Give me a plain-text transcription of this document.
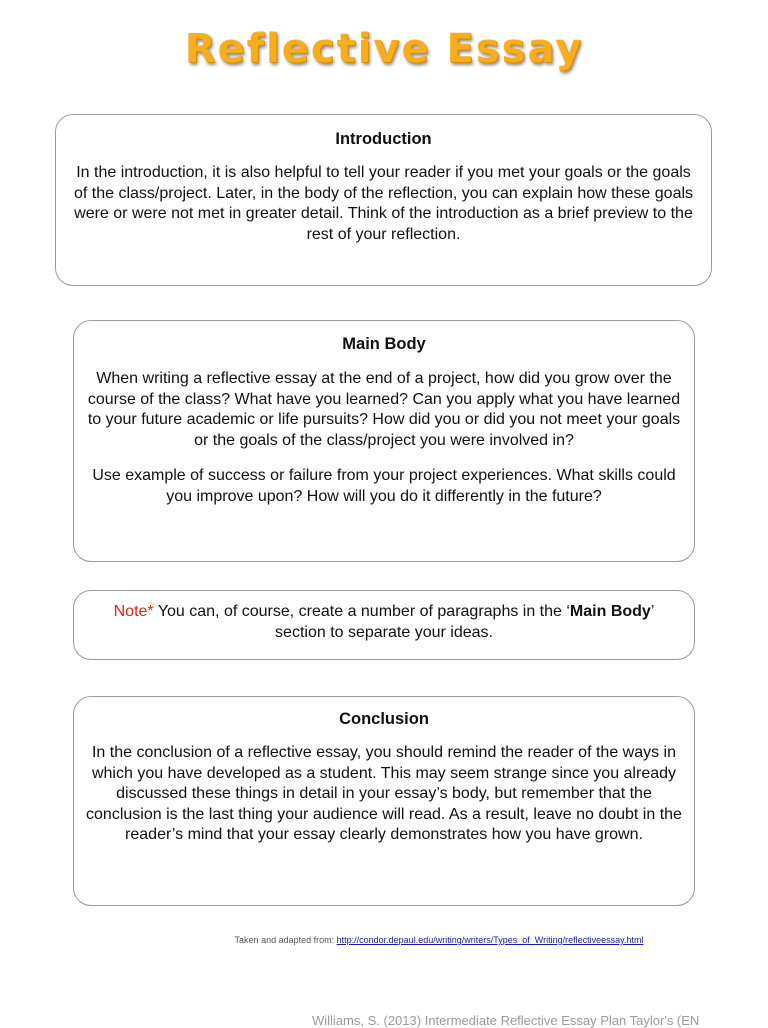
Reflective Essay
Introduction

In the introduction, it is also helpful to tell your reader if you met your goals or the goals of the class/project. Later, in the body of the reflection, you can explain how these goals were or were not met in greater detail. Think of the introduction as a brief preview to the rest of your reflection.

Main Body

When writing a reflective essay at the end of a project, how did you grow over the course of the class? What have you learned? Can you apply what you have learned to your future academic or life pursuits? How did you or did you not meet your goals or the goals of the class/project you were involved in?

Use example of success or failure from your project experiences. What skills could you improve upon? How will you do it differently in the future?

Note* You can, of course, create a number of paragraphs in the ‘Main Body’ section to separate your ideas.

Conclusion

In the conclusion of a reflective essay, you should remind the reader of the ways in which you have developed as a student. This may seem strange since you already discussed these things in detail in your essay’s body, but remember that the conclusion is the last thing your audience will read. As a result, leave no doubt in the reader’s mind that your essay clearly demonstrates how you have grown.

Taken and adapted from: http://condor.depaul.edu/writing/writers/Types_of_Writing/reflectiveessay.html
Williams, S. (2013) Intermediate Reflective Essay Plan Taylor's (EN
